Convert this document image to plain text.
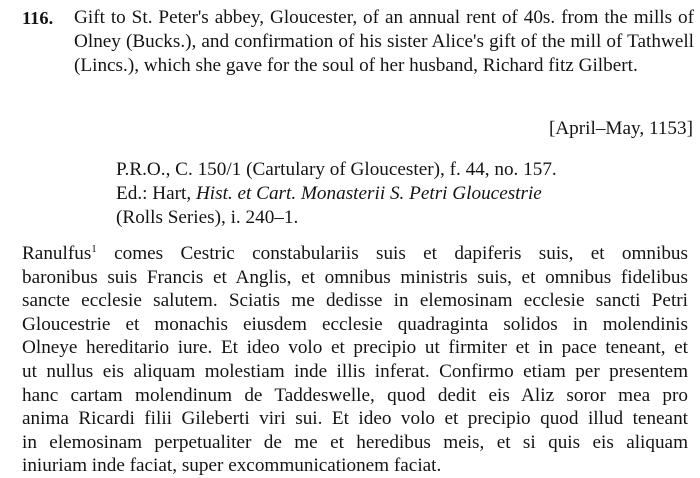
116. Gift to St. Peter's abbey, Gloucester, of an annual rent of 40s. from the mills of Olney (Bucks.), and confirmation of his sister Alice's gift of the mill of Tathwell (Lincs.), which she gave for the soul of her husband, Richard fitz Gilbert.
[April–May, 1153]
P.R.O., C. 150/1 (Cartulary of Gloucester), f. 44, no. 157.
Ed.: Hart, Hist. et Cart. Monasterii S. Petri Gloucestrie
(Rolls Series), i. 240–1.
Ranulfus$^1$ comes Cestric constabulariis suis et dapiferis suis, et omnibus
baronibus suis Francis et Anglis, et omnibus ministris suis, et omnibus fidelibus
sancte ecclesie salutem. Sciatis me dedisse in elemosinam ecclesie sancti Petri
Gloucestrie et monachis eiusdem ecclesie quadraginta solidos in molendinis
Olneye hereditario iure. Et ideo volo et precipio ut firmiter et in pace teneant, et
ut nullus eis aliquam molestiam inde illis inferat. Confirmo etiam per presentem
hanc cartam molendinum de Taddeswelle, quod dedit eis Aliz soror mea pro
anima Ricardi filii Gileberti viri sui. Et ideo volo et precipio quod illud teneant
in elemosinam perpetualiter de me et heredibus meis, et si quis eis aliquam
iniuriam inde faciat, super excommunicationem faciat.
